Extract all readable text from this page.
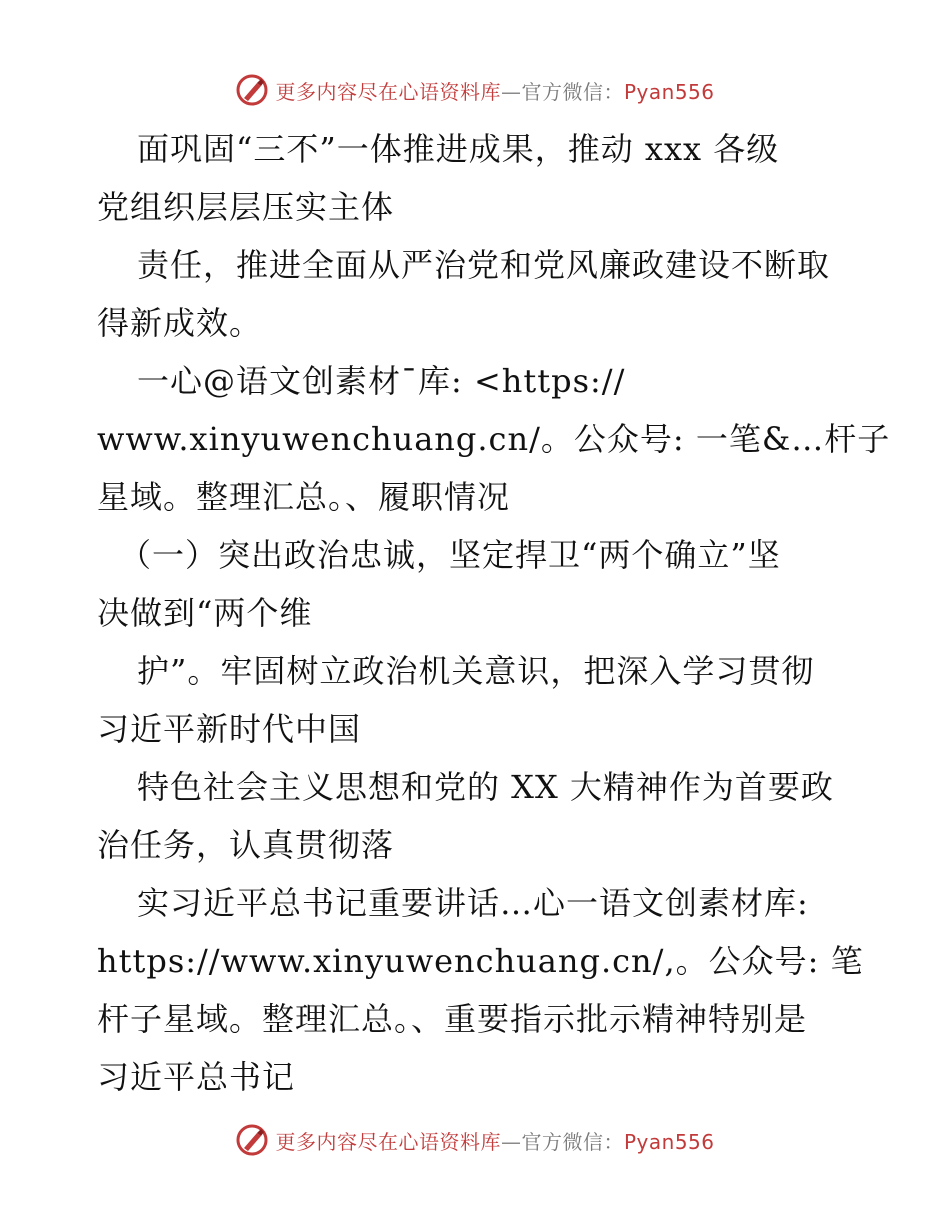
更多内容尽在心语资料库—官方微信：Pyan556
面巩固“三不”一体推进成果，推动 xxx 各级
党组织层层压实主体
责任，推进全面从严治党和党风廉政建设不断取
得新成效。
一心@语文创素材¯库: <https://
www.xinyuwenchuang.cn/。公众号: 一笔&…杆子
星域。整理汇总。、履职情况
（一）突出政治忠诚，坚定捍卫“两个确立”坚
决做到“两个维
护”。牢固树立政治机关意识，把深入学习贯彻
习近平新时代中国
特色社会主义思想和党的 XX 大精神作为首要政
治任务，认真贯彻落
实习近平总书记重要讲话…心一语文创素材库:
https://www.xinyuwenchuang.cn/,。公众号: 笔
杆子星域。整理汇总。、重要指示批示精神特别是
习近平总书记
更多内容尽在心语资料库—官方微信：Pyan556
